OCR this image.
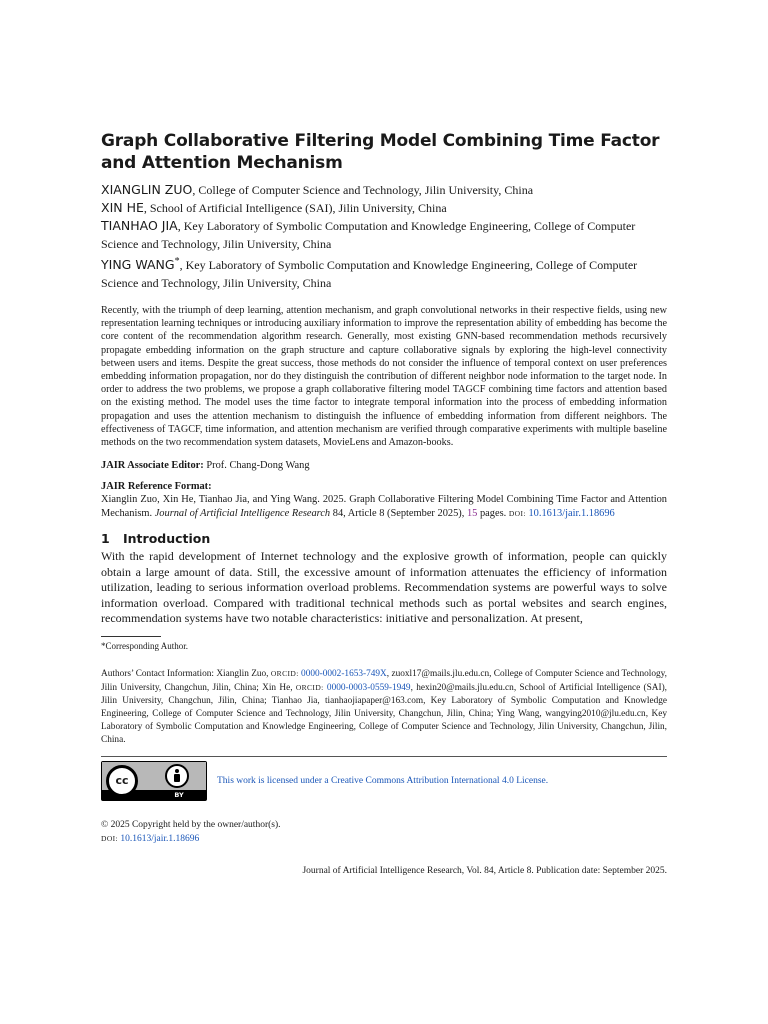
Graph Collaborative Filtering Model Combining Time Factor and Attention Mechanism

XIANGLIN ZUO, College of Computer Science and Technology, Jilin University, China

XIN HE, School of Artificial Intelligence (SAI), Jilin University, China

TIANHAO JIA, Key Laboratory of Symbolic Computation and Knowledge Engineering, College of Computer Science and Technology, Jilin University, China

YING WANG*, Key Laboratory of Symbolic Computation and Knowledge Engineering, College of Computer Science and Technology, Jilin University, China

Recently, with the triumph of deep learning, attention mechanism, and graph convolutional networks in their respective fields, using new representation learning techniques or introducing auxiliary information to improve the representation ability of embedding has become the core content of the recommendation algorithm research. Generally, most existing GNN-based recommendation methods recursively propagate embedding information on the graph structure and capture collaborative signals by exploring the high-level connectivity between users and items. Despite the great success, those methods do not consider the influence of temporal context on user preferences embedding information propagation, nor do they distinguish the contribution of different neighbor node information to the target node. In order to address the two problems, we propose a graph collaborative filtering model TAGCF combining time factors and attention based on the existing method. The model uses the time factor to integrate temporal information into the process of embedding information propagation and uses the attention mechanism to distinguish the influence of embedding information from different neighbors. The effectiveness of TAGCF, time information, and attention mechanism are verified through comparative experiments with multiple baseline methods on the two recommendation system datasets, MovieLens and Amazon-books.

JAIR Associate Editor: Prof. Chang-Dong Wang
JAIR Reference Format:
Xianglin Zuo, Xin He, Tianhao Jia, and Ying Wang. 2025. Graph Collaborative Filtering Model Combining Time Factor and Attention Mechanism. Journal of Artificial Intelligence Research 84, Article 8 (September 2025), 15 pages. DOI: 10.1613/jair.1.18696
1 Introduction

With the rapid development of Internet technology and the explosive growth of information, people can quickly obtain a large amount of data. Still, the excessive amount of information attenuates the efficiency of information utilization, leading to serious information overload problems. Recommendation systems are powerful ways to solve information overload. Compared with traditional technical methods such as portal websites and search engines, recommendation systems have two notable characteristics: initiative and personalization. At present,

*Corresponding Author.
Authors’ Contact Information: Xianglin Zuo, ORCID: 0000-0002-1653-749X, zuoxl17@mails.jlu.edu.cn, College of Computer Science and Technology, Jilin University, Changchun, Jilin, China; Xin He, ORCID: 0000-0003-0559-1949, hexin20@mails.jlu.edu.cn, School of Artificial Intelligence (SAI), Jilin University, Changchun, Jilin, China; Tianhao Jia, tianhaojiapaper@163.com, Key Laboratory of Symbolic Computation and Knowledge Engineering, College of Computer Science and Technology, Jilin University, Changchun, Jilin, China; Ying Wang, wangying2010@jlu.edu.cn, Key Laboratory of Symbolic Computation and Knowledge Engineering, College of Computer Science and Technology, Jilin University, Changchun, Jilin, China.
cc
BY
This work is licensed under a Creative Commons Attribution International 4.0 License.
© 2025 Copyright held by the owner/author(s).
DOI: 10.1613/jair.1.18696
Journal of Artificial Intelligence Research, Vol. 84, Article 8. Publication date: September 2025.
